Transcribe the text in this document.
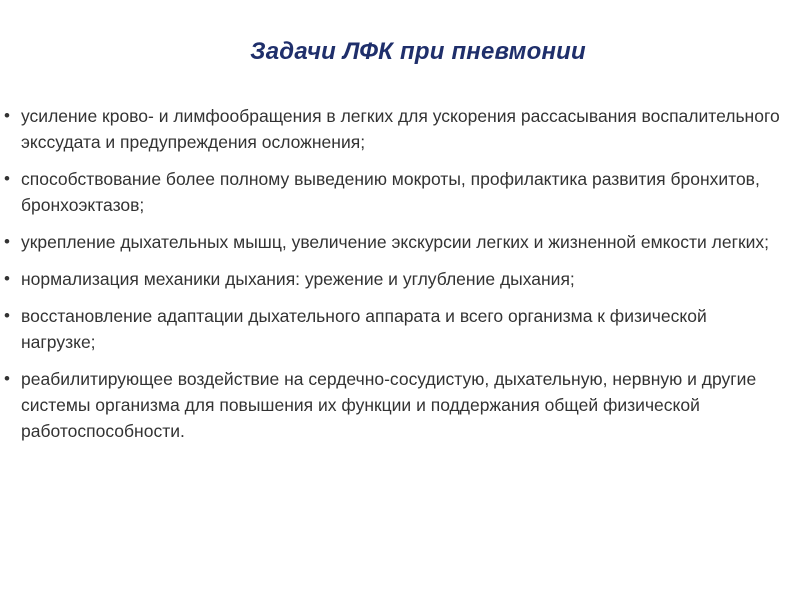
Задачи ЛФК при пневмонии
• усиление крово- и лимфообращения в легких для ускорения рассасывания воспалительного экссудата и предупреждения осложнения;
• способствование более полному выведению мокроты, профилактика развития бронхитов, бронхоэктазов;
• укрепление дыхательных мышц, увеличение экскурсии легких и жизненной емкости легких;
• нормализация механики дыхания: урежение и углубление дыхания;
• восстановление адаптации дыхательного аппарата и всего организма к физической нагрузке;
• реабилитирующее воздействие на сердечно-сосудистую, дыхательную, нервную и другие системы организма для повышения их функции и поддержания общей физической работоспособности.
